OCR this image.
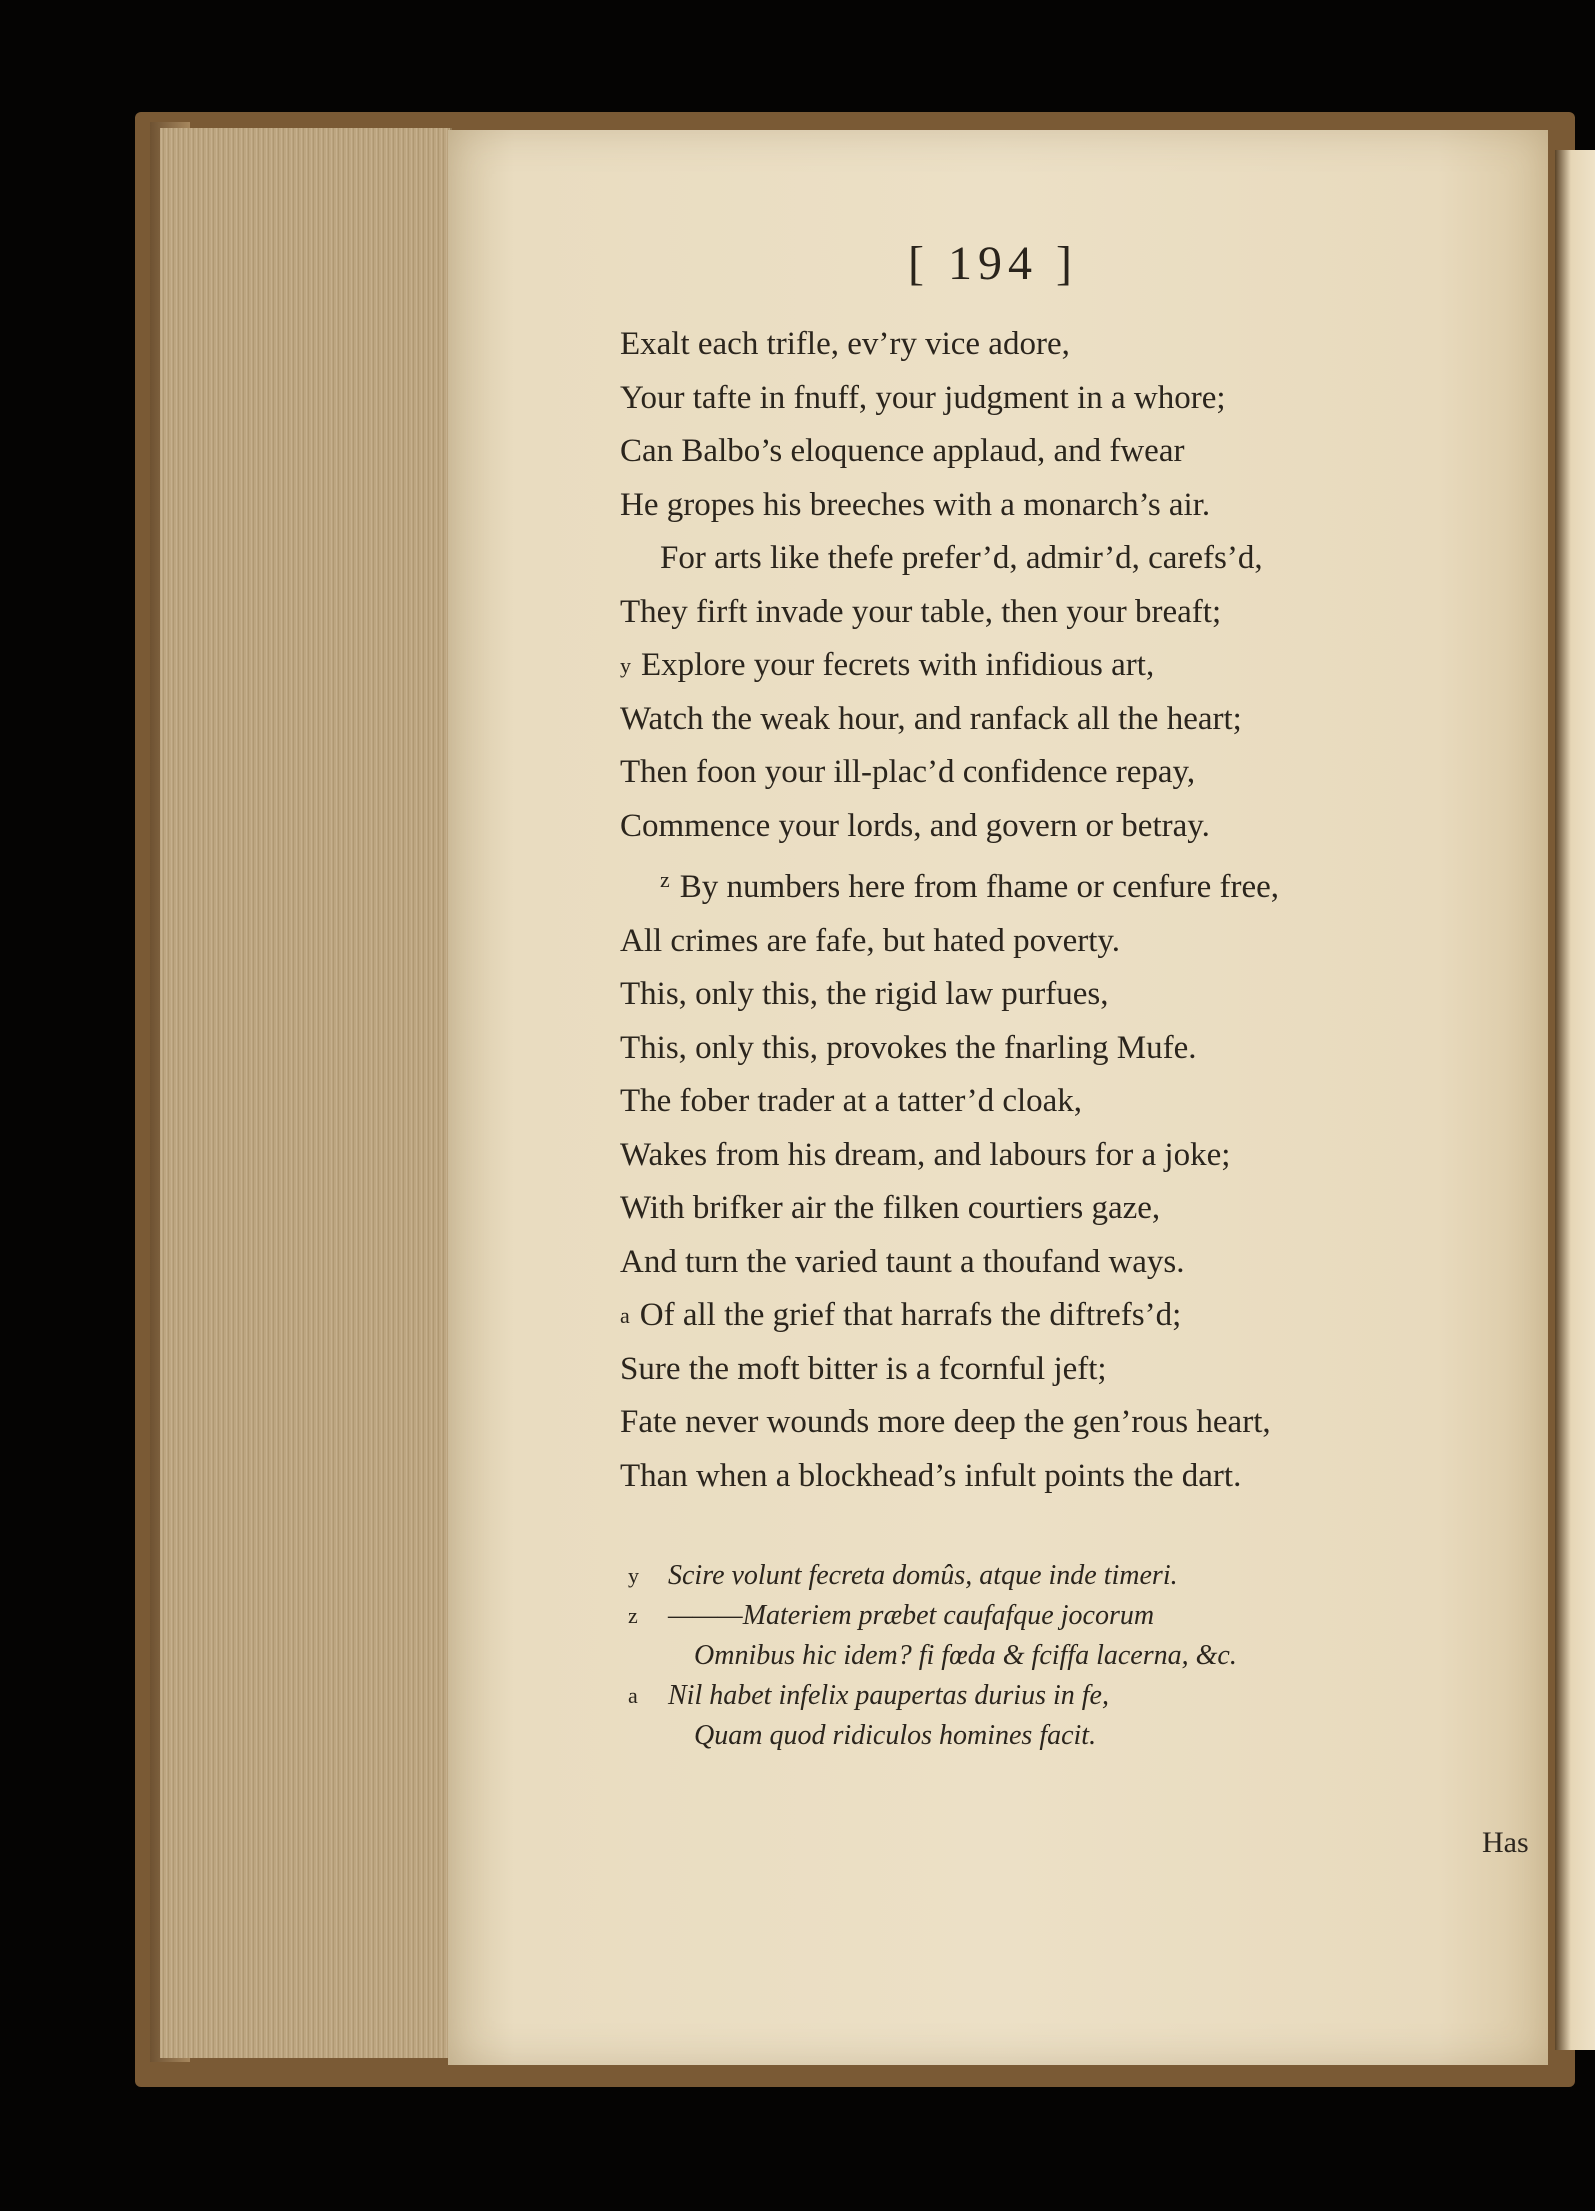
[ 194 ]
Exalt each trifle, ev’ry vice adore,
Your tafte in fnuff, your judgment in a whore;
Can Balbo’s eloquence applaud, and fwear
He gropes his breeches with a monarch’s air.
For arts like thefe prefer’d, admir’d, carefs’d,
They firft invade your table, then your breaft;
y Explore your fecrets with infidious art,
Watch the weak hour, and ranfack all the heart;
Then foon your ill-plac’d confidence repay,
Commence your lords, and govern or betray.
$^z$ By numbers here from fhame or cenfure free,
All crimes are fafe, but hated poverty.
This, only this, the rigid law purfues,
This, only this, provokes the fnarling Mufe.
The fober trader at a tatter’d cloak,
Wakes from his dream, and labours for a joke;
With brifker air the filken courtiers gaze,
And turn the varied taunt a thoufand ways.
a Of all the grief that harrafs the diftrefs’d;
Sure the moft bitter is a fcornful jeft;
Fate never wounds more deep the gen’rous heart,
Than when a blockhead’s infult points the dart.
y Scire volunt fecreta domûs, atque inde timeri.
z ———Materiem præbet caufafque jocorum
Omnibus hic idem? fi fœda & fciffa lacerna, &c.
a Nil habet infelix paupertas durius in fe,
Quam quod ridiculos homines facit.
Has
